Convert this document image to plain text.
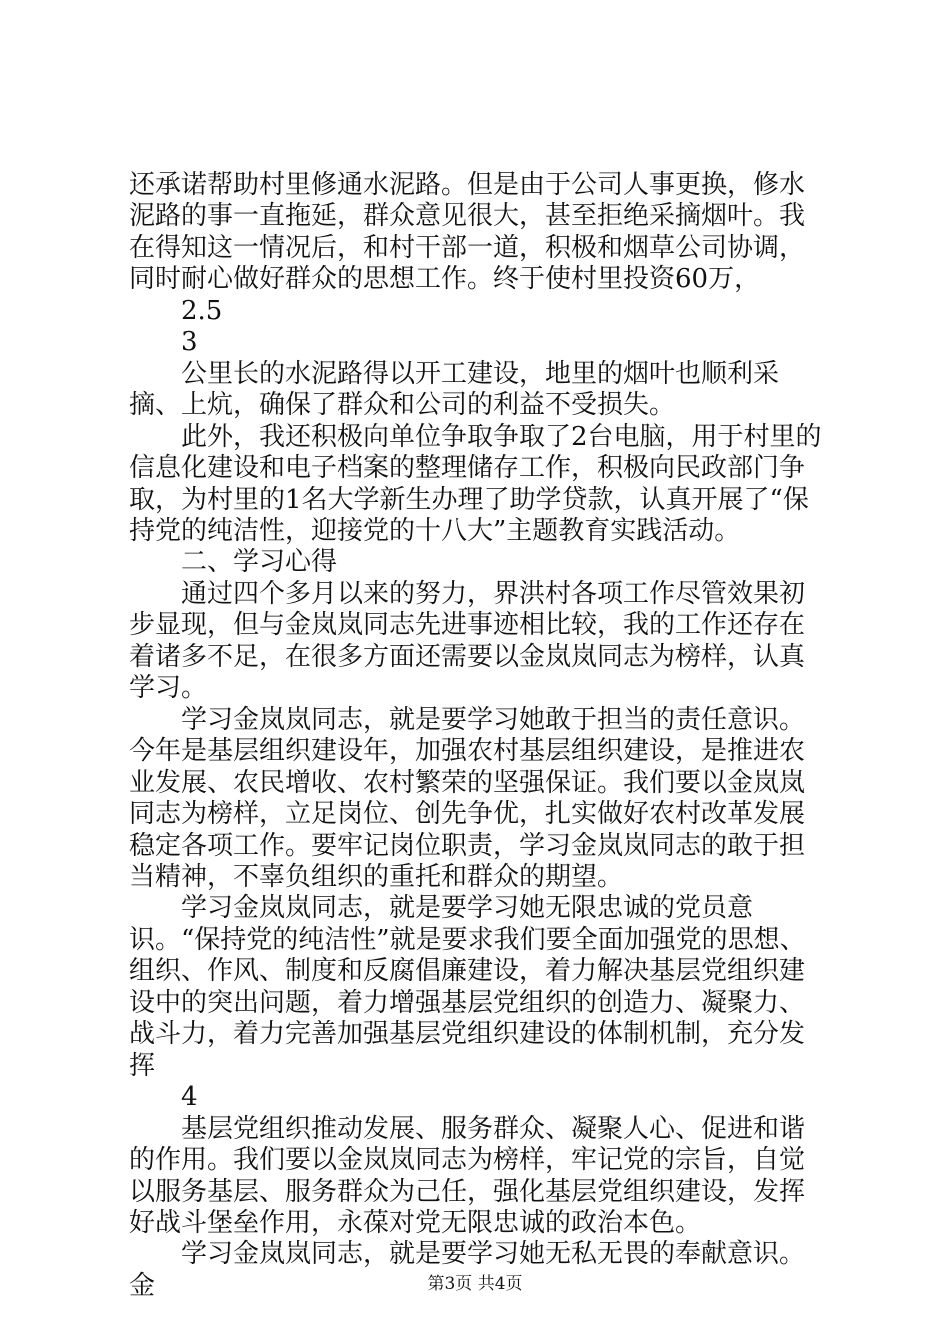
还承诺帮助村里修通水泥路。但是由于公司人事更换，修水泥路的事一直拖延，群众意见很大，甚至拒绝采摘烟叶。我在得知这一情况后，和村干部一道，积极和烟草公司协调，同时耐心做好群众的思想工作。终于使村里投资60万，

2.5

3

公里长的水泥路得以开工建设，地里的烟叶也顺利采摘、上炕，确保了群众和公司的利益不受损失。

此外，我还积极向单位争取争取了2台电脑，用于村里的信息化建设和电子档案的整理储存工作，积极向民政部门争取，为村里的1名大学新生办理了助学贷款，认真开展了“保持党的纯洁性，迎接党的十八大”主题教育实践活动。

二、学习心得

通过四个多月以来的努力，界洪村各项工作尽管效果初步显现，但与金岚岚同志先进事迹相比较，我的工作还存在着诸多不足，在很多方面还需要以金岚岚同志为榜样，认真学习。

学习金岚岚同志，就是要学习她敢于担当的责任意识。今年是基层组织建设年，加强农村基层组织建设，是推进农业发展、农民增收、农村繁荣的坚强保证。我们要以金岚岚同志为榜样，立足岗位、创先争优，扎实做好农村改革发展稳定各项工作。要牢记岗位职责，学习金岚岚同志的敢于担当精神，不辜负组织的重托和群众的期望。

学习金岚岚同志，就是要学习她无限忠诚的党员意识。“保持党的纯洁性”就是要求我们要全面加强党的思想、组织、作风、制度和反腐倡廉建设，着力解决基层党组织建设中的突出问题，着力增强基层党组织的创造力、凝聚力、战斗力，着力完善加强基层党组织建设的体制机制，充分发挥

4

基层党组织推动发展、服务群众、凝聚人心、促进和谐的作用。我们要以金岚岚同志为榜样，牢记党的宗旨，自觉以服务基层、服务群众为己任，强化基层党组织建设，发挥好战斗堡垒作用，永葆对党无限忠诚的政治本色。

学习金岚岚同志，就是要学习她无私无畏的奉献意识。金	第3页 共4页
